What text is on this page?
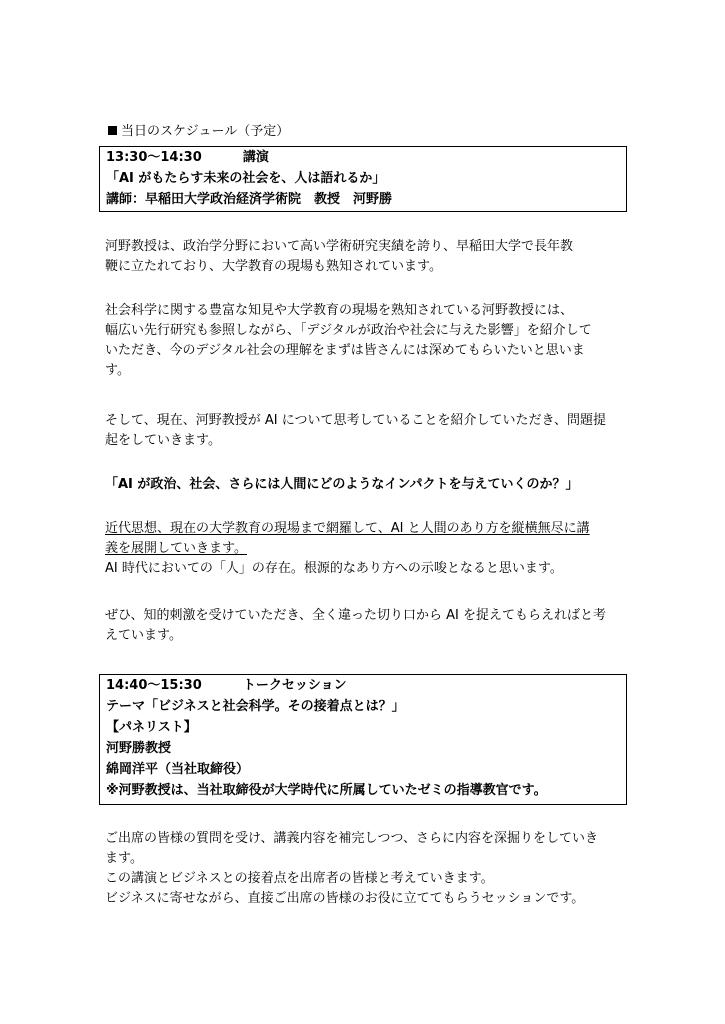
当日のスケジュール（予定）
13:30〜14:30	講演
「AI がもたらす未来の社会を、人は語れるか」
講師：早稲田大学政治経済学術院　教授　河野勝
河野教授は、政治学分野において高い学術研究実績を誇り、早稲田大学で長年教
鞭に立たれており、大学教育の現場も熟知されています。
社会科学に関する豊富な知見や大学教育の現場を熟知されている河野教授には、
幅広い先行研究も参照しながら、「デジタルが政治や社会に与えた影響」を紹介して
いただき、今のデジタル社会の理解をまずは皆さんには深めてもらいたいと思いま
す。
そして、現在、河野教授が AI について思考していることを紹介していただき、問題提
起をしていきます。
「AI が政治、社会、さらには人間にどのようなインパクトを与えていくのか？」
近代思想、現在の大学教育の現場まで網羅して、AI と人間のあり方を縦横無尽に講
義を展開していきます。
AI 時代においての「人」の存在。根源的なあり方への示唆となると思います。
ぜひ、知的刺激を受けていただき、全く違った切り口から AI を捉えてもらえればと考
えています。
14:40〜15:30	トークセッション
テーマ「ビジネスと社会科学。その接着点とは？」
【パネリスト】
河野勝教授
綿岡洋平（当社取締役）
※河野教授は、当社取締役が大学時代に所属していたゼミの指導教官です。
ご出席の皆様の質問を受け、講義内容を補完しつつ、さらに内容を深掘りをしていき
ます。
この講演とビジネスとの接着点を出席者の皆様と考えていきます。
ビジネスに寄せながら、直接ご出席の皆様のお役に立ててもらうセッションです。
